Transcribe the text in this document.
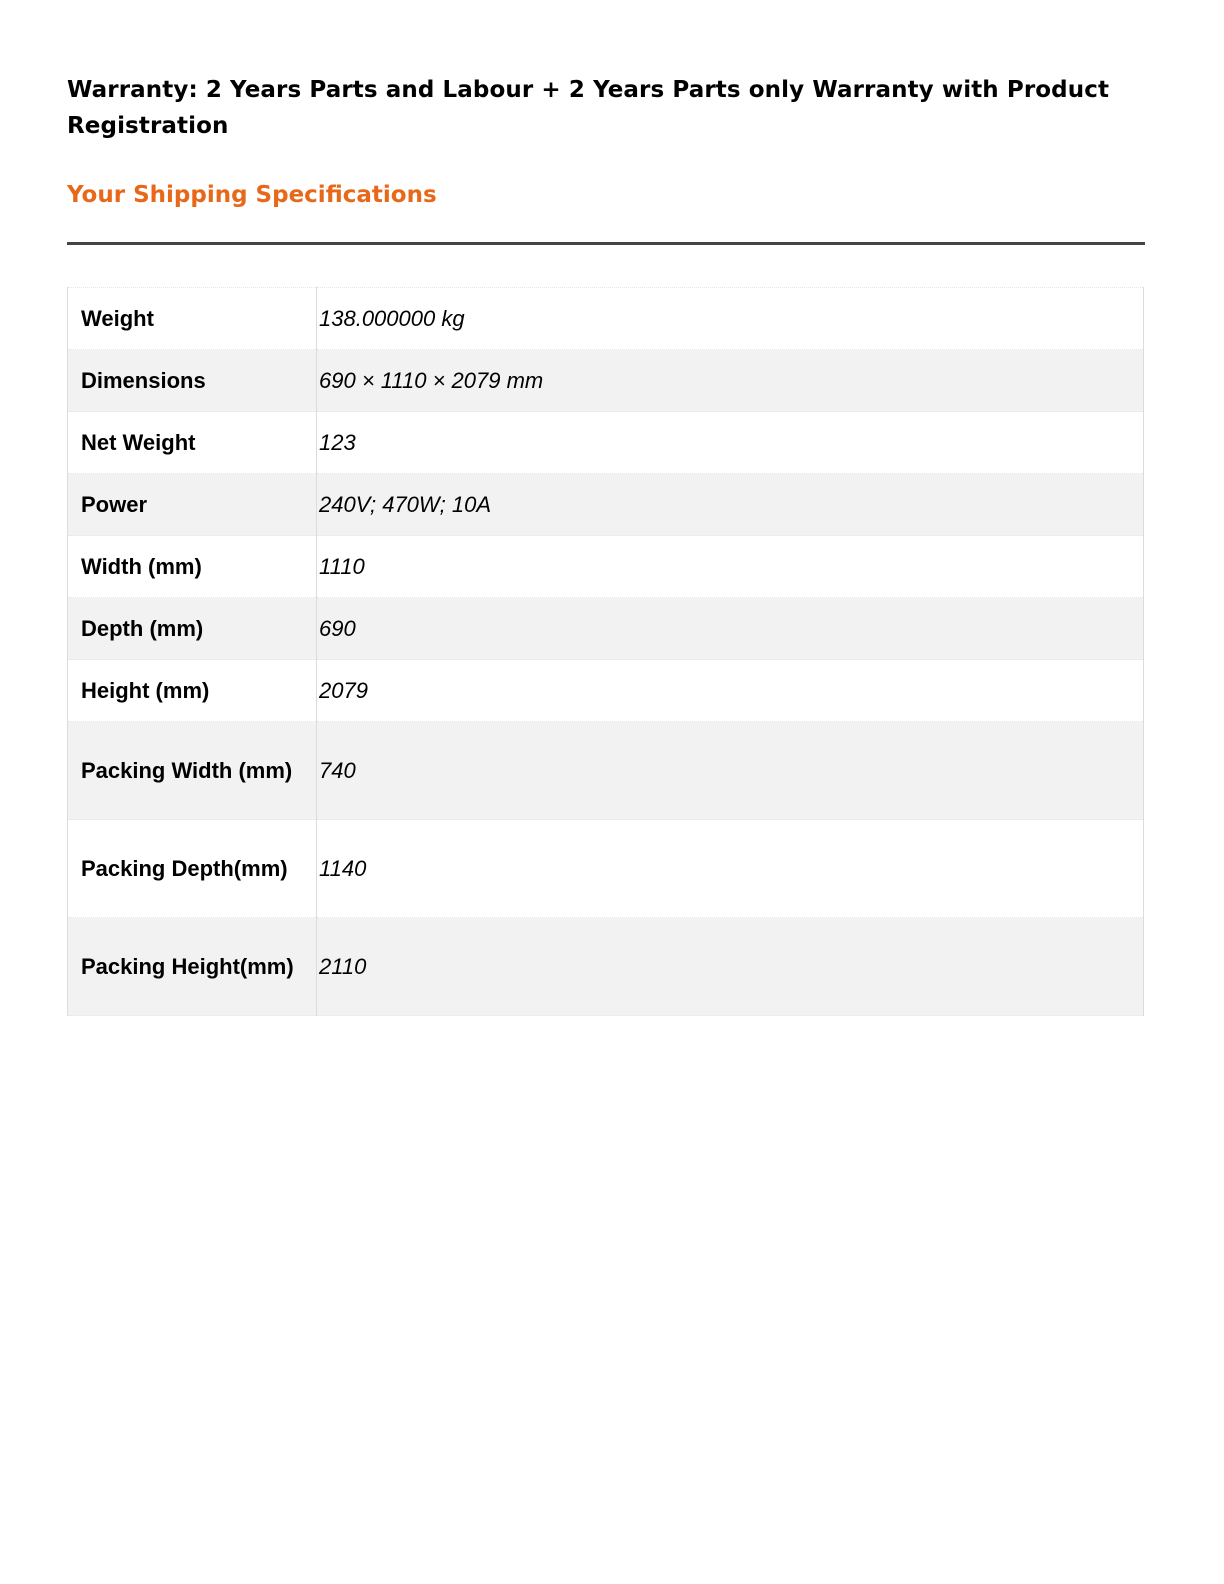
Warranty: 2 Years Parts and Labour + 2 Years Parts only Warranty with Product Registration

Your Shipping Specifications
Weight	138.000000 kg
Dimensions	690 × 1110 × 2079 mm
Net Weight	123
Power	240V; 470W; 10A
Width (mm)	1110
Depth (mm)	690
Height (mm)	2079
Packing Width (mm)	740
Packing Depth(mm)	1140
Packing Height(mm)	2110
